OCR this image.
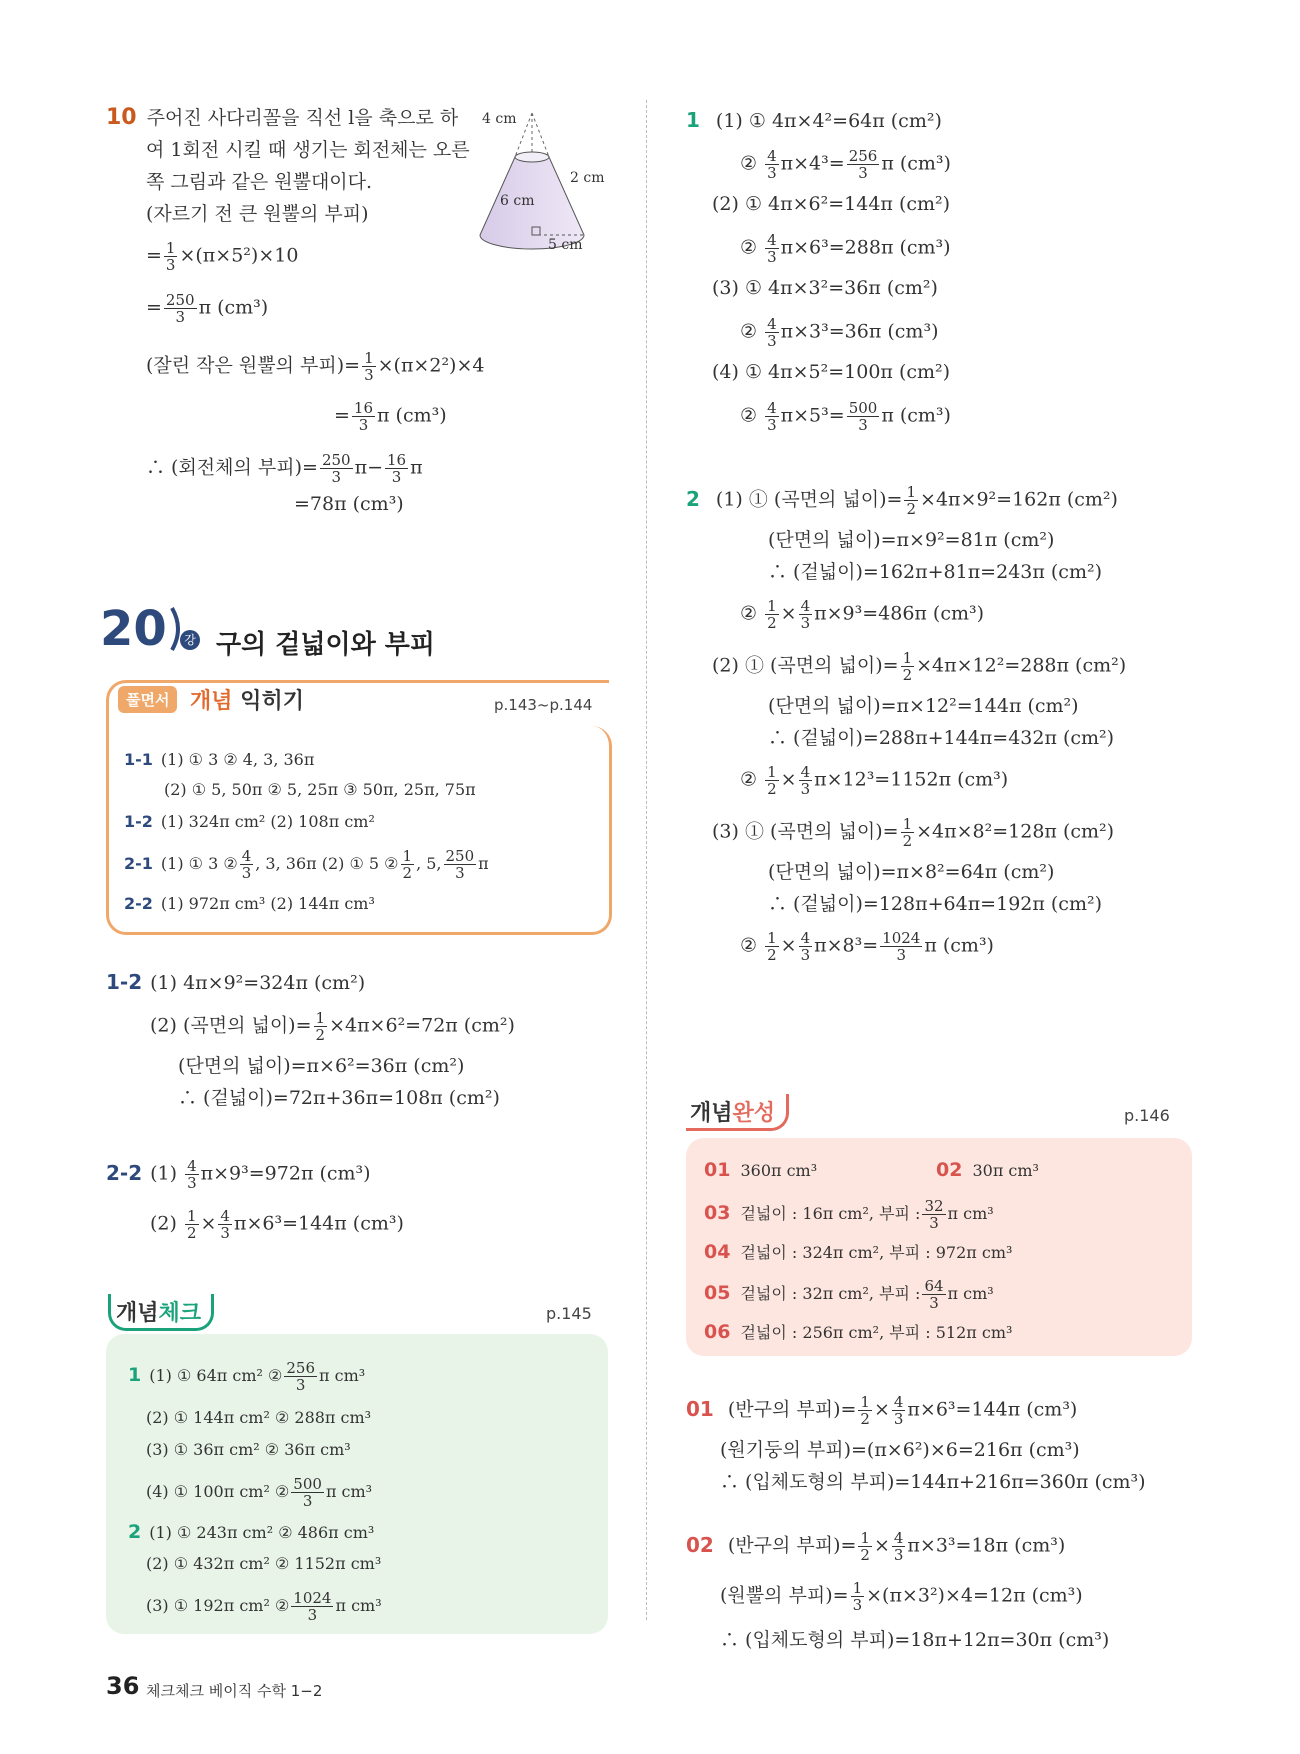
10 주어진 사다리꼴을 직선 l을 축으로 하
여 1회전 시킬 때 생기는 회전체는 오른
쪽 그림과 같은 원뿔대이다.
(자르기 전 큰 원뿔의 부피)
= $\frac{1}{3} \times(\pi\times 5^2)\times 10$
= $\frac{250}{3}$ π (cm³)
(잘린 작은 원뿔의 부피)= $\frac{1}{3} \times(\pi\times 2^2)\times 4$
= $\frac{16}{3}$ π (cm³)
∴ (회전체의 부피)= $\frac{250}{3} \pi- \frac{16}{3}$ π
=78π (cm³)
4 cm
2 cm
6 cm
5 cm
20	강 구의 겉넓이와 부피
풀면서 개념 익히기	p.143~p.144
1-1 (1) ① 3 ② 4, 3, 36π
(2) ① 5, 50π ② 5, 25π ③ 50π, 25π, 75π
1-2 (1) 324π cm² (2) 108π cm²
2-1 (1) ① 3 ② $\frac{4}{3}$ , 3, 36π (2) ① 5 ② $\frac{1}{2}$ , 5, $\frac{250}{3}$ π
2-2 (1) 972π cm³ (2) 144π cm³
1-2 (1) 4π×9²=324π (cm²)
(2) (곡면의 넓이)= $\frac{1}{2} \times 4\pi\times 6^2=72\pi$ (cm²)
(단면의 넓이)=π×6²=36π (cm²)
∴ (겉넓이)=72π+36π=108π (cm²)
2-2 $(1) \frac{4}{3} \pi\times 9^3=972\pi$ (cm³)
$(2) \frac{1}{2} \times \frac{4}{3} \pi\times 6^3=144\pi$ (cm³)
개념체크	p.145
1 (1) ① 64π cm² ② $\frac{256}{3}$ π cm³
(2) ① 144π cm² ② 288π cm³
(3) ① 36π cm² ② 36π cm³
(4) ① 100π cm² ② $\frac{500}{3}$ π cm³
2 (1) ① 243π cm² ② 486π cm³
(2) ① 432π cm² ② 1152π cm³
(3) ① 192π cm² ② $\frac{1024}{3}$ π cm³
36 체크체크 베이직 수학 1−2
1 (1) ① 4π×4²=64π (cm²)
② $\frac{4}{3} \pi\times 4^3= \frac{256}{3}$ π (cm³)
(2) ① 4π×6²=144π (cm²)
② $\frac{4}{3} \pi\times 6^3=288\pi$ (cm³)
(3) ① 4π×3²=36π (cm²)
② $\frac{4}{3} \pi\times 3^3=36\pi$ (cm³)
(4) ① 4π×5²=100π (cm²)
② $\frac{4}{3} \pi\times 5^3= \frac{500}{3}$ π (cm³)
2 (1) ① (곡면의 넓이)= $\frac{1}{2} \times 4\pi\times 9^2=162\pi$ (cm²)
(단면의 넓이)=π×9²=81π (cm²)
∴ (겉넓이)=162π+81π=243π (cm²)
② $\frac{1}{2} \times \frac{4}{3} \pi\times 9^3=486\pi$ (cm³)
(2) ① (곡면의 넓이)= $\frac{1}{2} \times 4\pi\times 12^2=288\pi$ (cm²)
(단면의 넓이)=π×12²=144π (cm²)
∴ (겉넓이)=288π+144π=432π (cm²)
② $\frac{1}{2} \times \frac{4}{3} \pi\times 12^3=1152\pi$ (cm³)
(3) ① (곡면의 넓이)= $\frac{1}{2} \times 4\pi\times 8^2=128\pi$ (cm²)
(단면의 넓이)=π×8²=64π (cm²)
∴ (겉넓이)=128π+64π=192π (cm²)
② $\frac{1}{2} \times \frac{4}{3} \pi\times 8^3= \frac{1024}{3}$ π (cm³)
개념완성	p.146
01 360π cm³	02 30π cm³
03 겉넓이 : 16π cm², 부피 : $\frac{32}{3}$ π cm³
04 겉넓이 : 324π cm², 부피 : 972π cm³
05 겉넓이 : 32π cm², 부피 : $\frac{64}{3}$ π cm³
06 겉넓이 : 256π cm², 부피 : 512π cm³
01 (반구의 부피)= $\frac{1}{2} \times \frac{4}{3} \pi\times 6^3=144\pi$ (cm³)
(원기둥의 부피)=(π×6²)×6=216π (cm³)
∴ (입체도형의 부피)=144π+216π=360π (cm³)
02 (반구의 부피)= $\frac{1}{2} \times \frac{4}{3} \pi\times 3^3=18\pi$ (cm³)
(원뿔의 부피)= $\frac{1}{3} \times(\pi\times 3^2)\times 4=12\pi$ (cm³)
∴ (입체도형의 부피)=18π+12π=30π (cm³)
